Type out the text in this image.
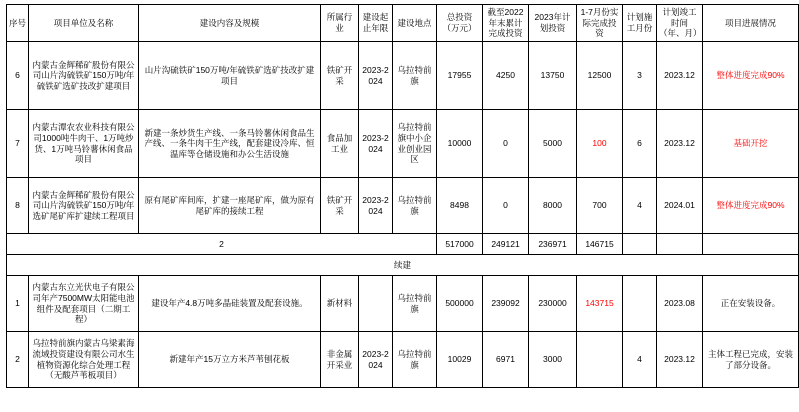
序号	项目单位及名称	建设内容及规模	所属行业	建设起止年限	建设地点	总投资（万元）	截至2022年末累计完成投资	2023年计划投资	1-7月份实际完成投资	计划施工月份	计划竣工时间（年、月）	项目进展情况
6	内蒙古金辉稀矿股份有限公司山片沟硫铁矿150万吨/年硫铁矿选矿技改扩建项目	山片沟硫铁矿150万吨/年硫铁矿选矿技改扩建项目	铁矿开采	2023-2024	乌拉特前旗	17955	4250	13750	12500	3	2023.12	整体进度完成90%
7	内蒙古潭农农业科技有限公司1000吨牛肉干、1万吨炒货、1万吨马铃薯休闲食品项目	新建一条炒货生产线、一条马铃薯休闲食品生产线、一条牛肉干生产线，配套建设冷库、恒温库等仓储设施和办公生活设施	食品加工业	2023-2024	乌拉特前旗中小企业创业园区	10000	0	5000	100	6	2023.12	基础开挖
8	内蒙古金辉稀矿股份有限公司山片沟硫铁矿150万吨/年选矿尾矿库扩建续工程项目	原有尾矿库间库，扩建一座尾矿库，做为原有尾矿库的接续工程	铁矿开采	2023-2024	乌拉特前旗	8498	0	8000	700	4	2024.01	整体进度完成90%
2						517000	249121	236971	146715			
续建												
1	内蒙古东立光伏电子有限公司年产7500MW太阳能电池组件及配套项目（二期工程）	建设年产4.8万吨多晶硅装置及配套设施。	新材料		乌拉特前旗	500000	239092	230000	143715		2023.08	正在安装设备。
2	乌拉特前旗内蒙古乌梁素海流域投资建设有限公司水生植物资源化综合处理工程（无酸芦苇板项目）	新建年产15万立方米芦苇刨花板	非金属开采业	2023-2024	乌拉特前旗	10029	6971	3000		4	2023.12	主体工程已完成，安装了部分设备。
